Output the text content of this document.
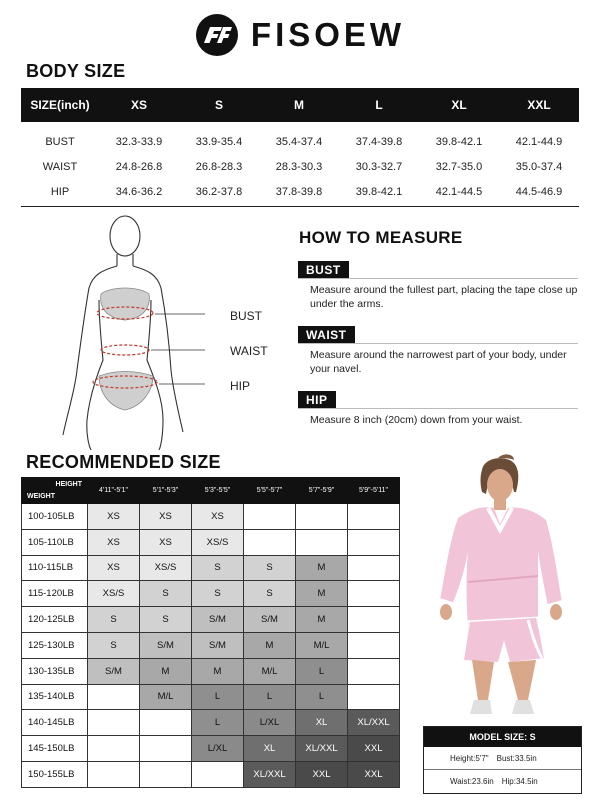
FISOEW
BODY SIZE
SIZE(inch)	XS	S	M	L	XL	XXL
BUST	32.3-33.9	33.9-35.4	35.4-37.4	37.4-39.8	39.8-42.1	42.1-44.9
WAIST	24.8-26.8	26.8-28.3	28.3-30.3	30.3-32.7	32.7-35.0	35.0-37.4
HIP	34.6-36.2	36.2-37.8	37.8-39.8	39.8-42.1	42.1-44.5	44.5-46.9
BUST
WAIST
HIP
HOW TO MEASURE
BUST
Measure around the fullest part, placing the tape close up under the arms.
WAIST
Measure around the narrowest part of your body, under your navel.
HIP
Measure 8 inch (20cm) down from your waist.
RECOMMENDED SIZE
HEIGHT
WEIGHT	4'11"-5'1"	5'1"-5'3"	5'3"-5'5"	5'5"-5'7"	5'7"-5'9"	5'9"-5'11"
100-105LB	XS	XS	XS			
105-110LB	XS	XS	XS/S			
110-115LB	XS	XS/S	S	S	M	
115-120LB	XS/S	S	S	S	M	
120-125LB	S	S	S/M	S/M	M	
125-130LB	S	S/M	S/M	M	M/L	
130-135LB	S/M	M	M	M/L	L	
135-140LB		M/L	L	L	L	
140-145LB			L	L/XL	XL	XL/XXL
145-150LB			L/XL	XL	XL/XXL	XXL
150-155LB				XL/XXL	XXL	XXL
MODEL SIZE: S
Height:5'7" Bust:33.5in
Waist:23.6in Hip:34.5in
